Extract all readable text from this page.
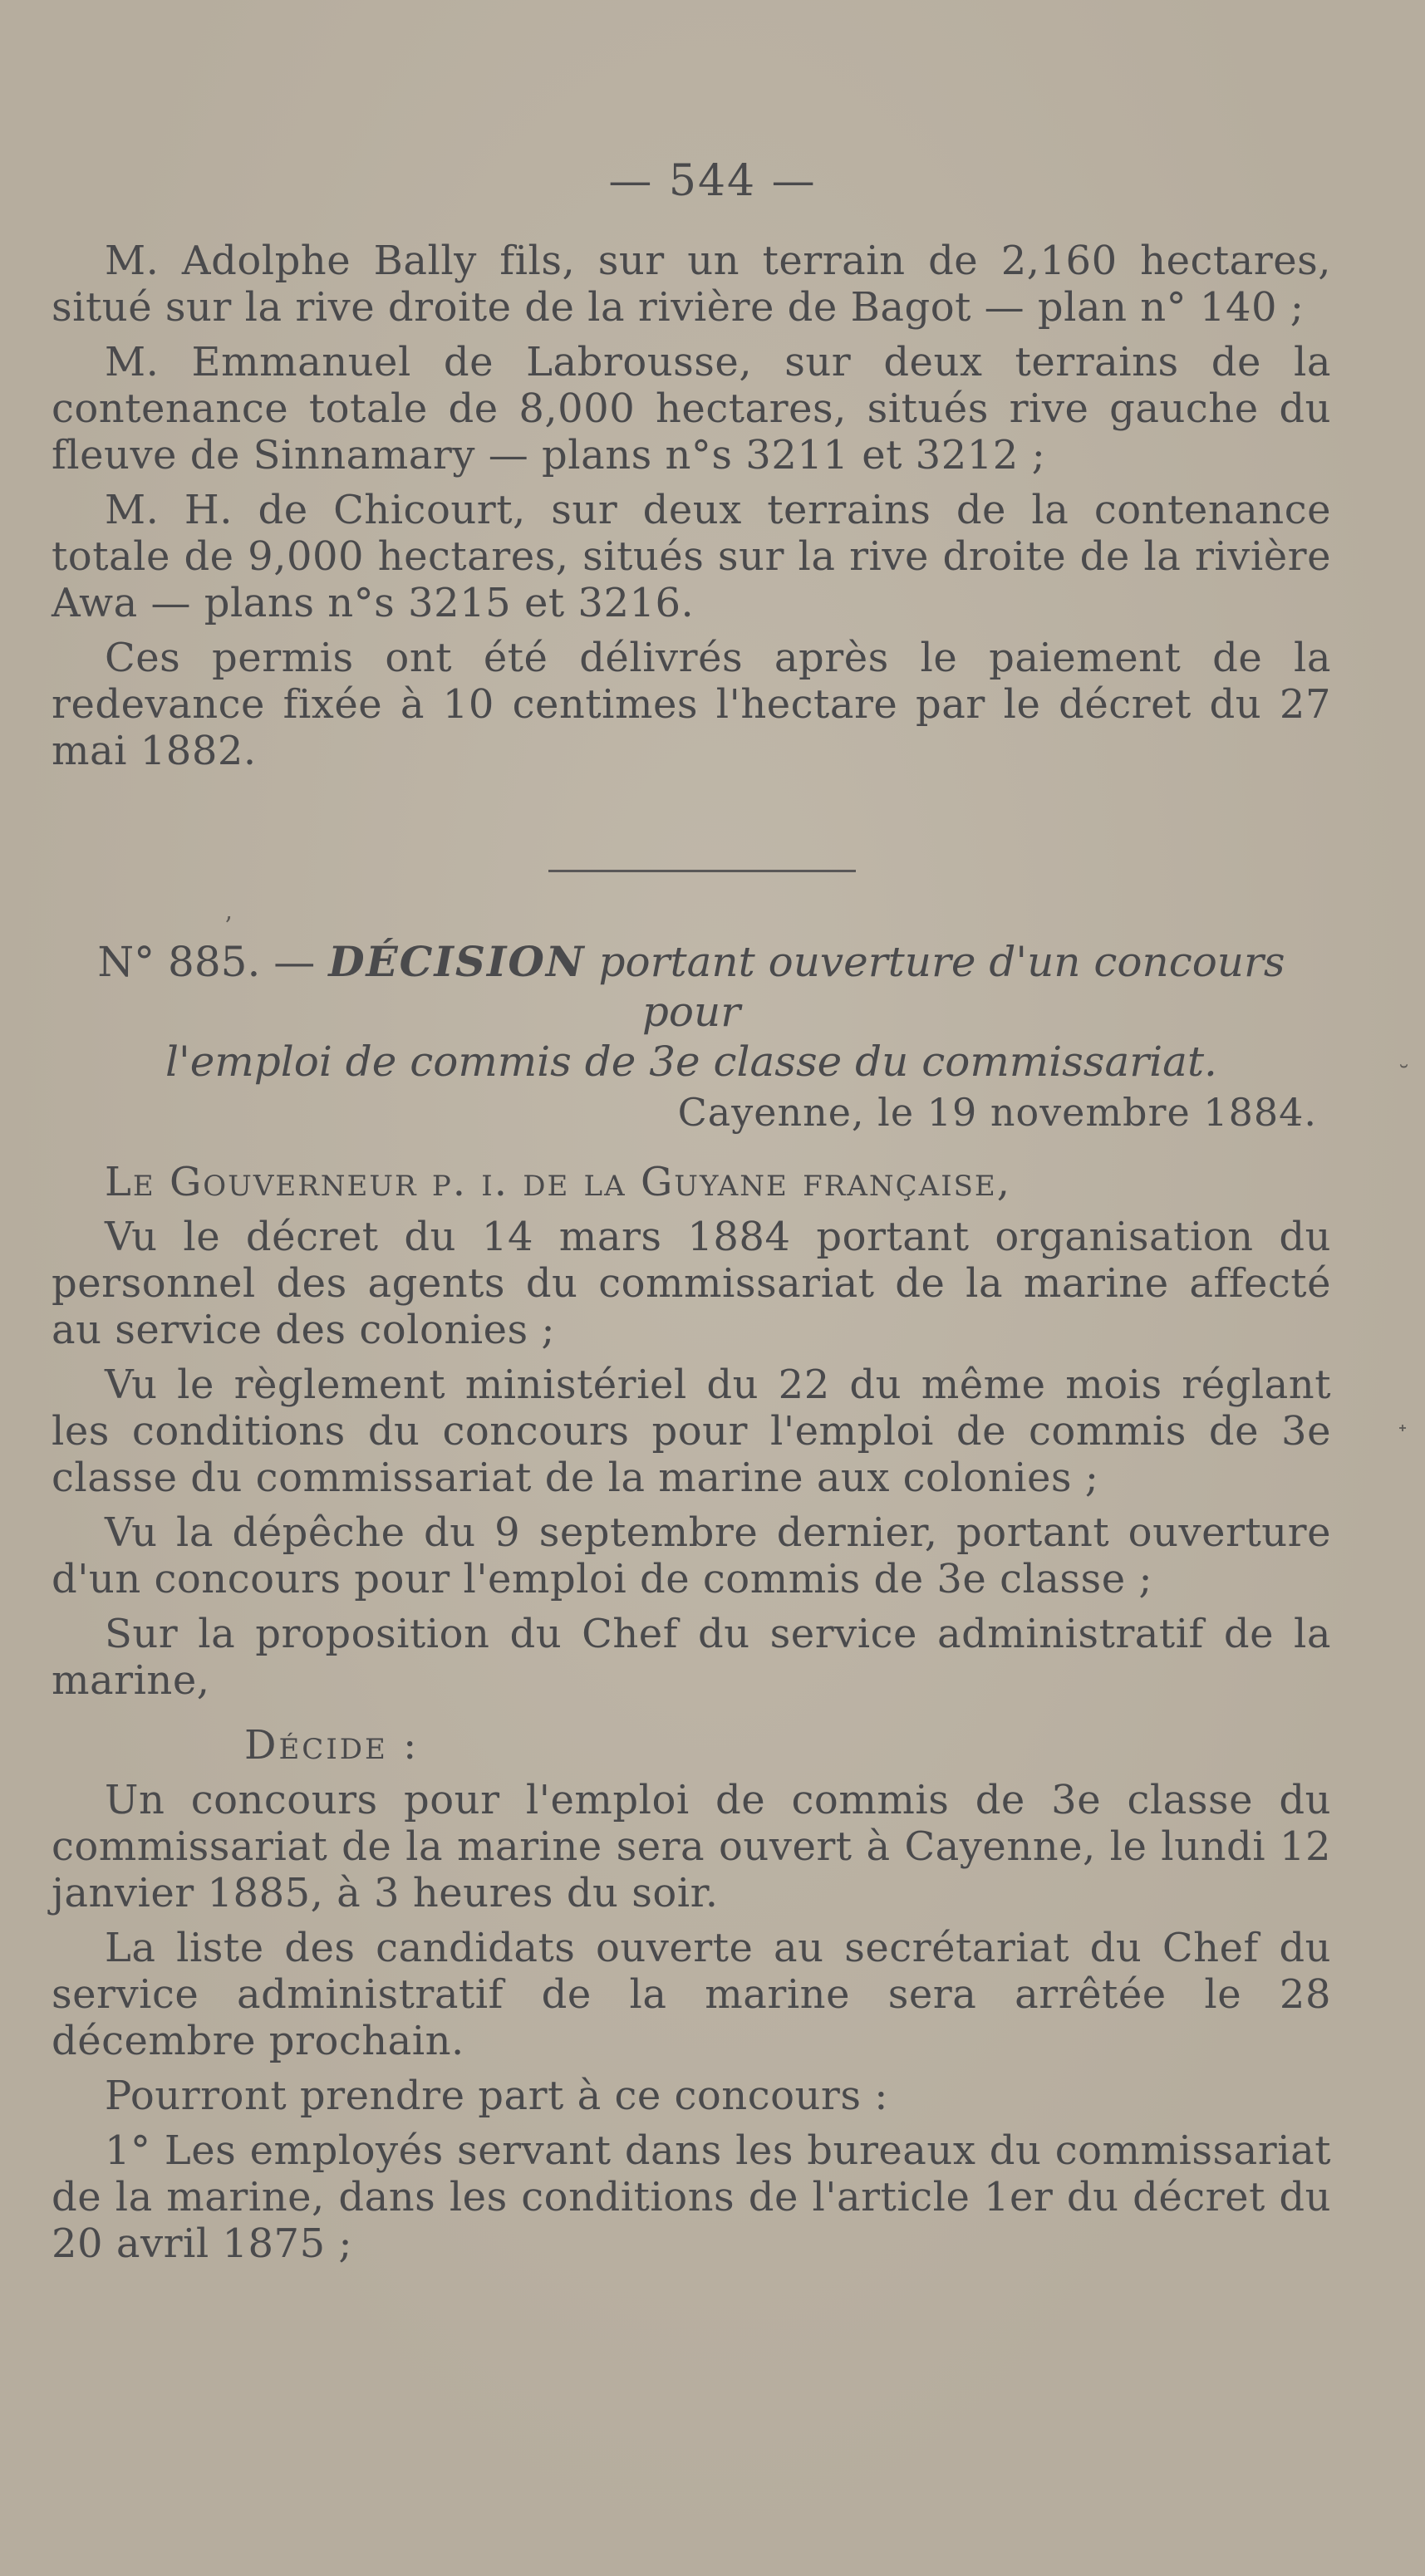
— 544 —

M. Adolphe Bally fils, sur un terrain de 2,160 hectares, situé sur la rive droite de la rivière de Bagot — plan n° 140 ;

M. Emmanuel de Labrousse, sur deux terrains de la contenance totale de 8,000 hectares, situés rive gauche du fleuve de Sinnamary — plans n°s 3211 et 3212 ;

M. H. de Chicourt, sur deux terrains de la contenance totale de 9,000 hectares, situés sur la rive droite de la rivière Awa — plans n°s 3215 et 3216.

Ces permis ont été délivrés après le paiement de la redevance fixée à 10 centimes l'hectare par le décret du 27 mai 1882.

N° 885. — DÉCISION portant ouverture d'un concours pour
l'emploi de commis de 3e classe du commissariat.
Cayenne, le 19 novembre 1884.

Le Gouverneur p. i. de la Guyane française,

Vu le décret du 14 mars 1884 portant organisation du personnel des agents du commissariat de la marine affecté au service des colonies ;

Vu le règlement ministériel du 22 du même mois réglant les conditions du concours pour l'emploi de commis de 3e classe du commissariat de la marine aux colonies ;

Vu la dépêche du 9 septembre dernier, portant ouverture d'un concours pour l'emploi de commis de 3e classe ;

Sur la proposition du Chef du service administratif de la marine,

Décide :

Un concours pour l'emploi de commis de 3e classe du commissariat de la marine sera ouvert à Cayenne, le lundi 12 janvier 1885, à 3 heures du soir.

La liste des candidats ouverte au secrétariat du Chef du service administratif de la marine sera arrêtée le 28 décembre prochain.

Pourront prendre part à ce concours :

1° Les employés servant dans les bureaux du commissariat de la marine, dans les conditions de l'article 1er du décret du 20 avril 1875 ;

’
˘
ᐩ
